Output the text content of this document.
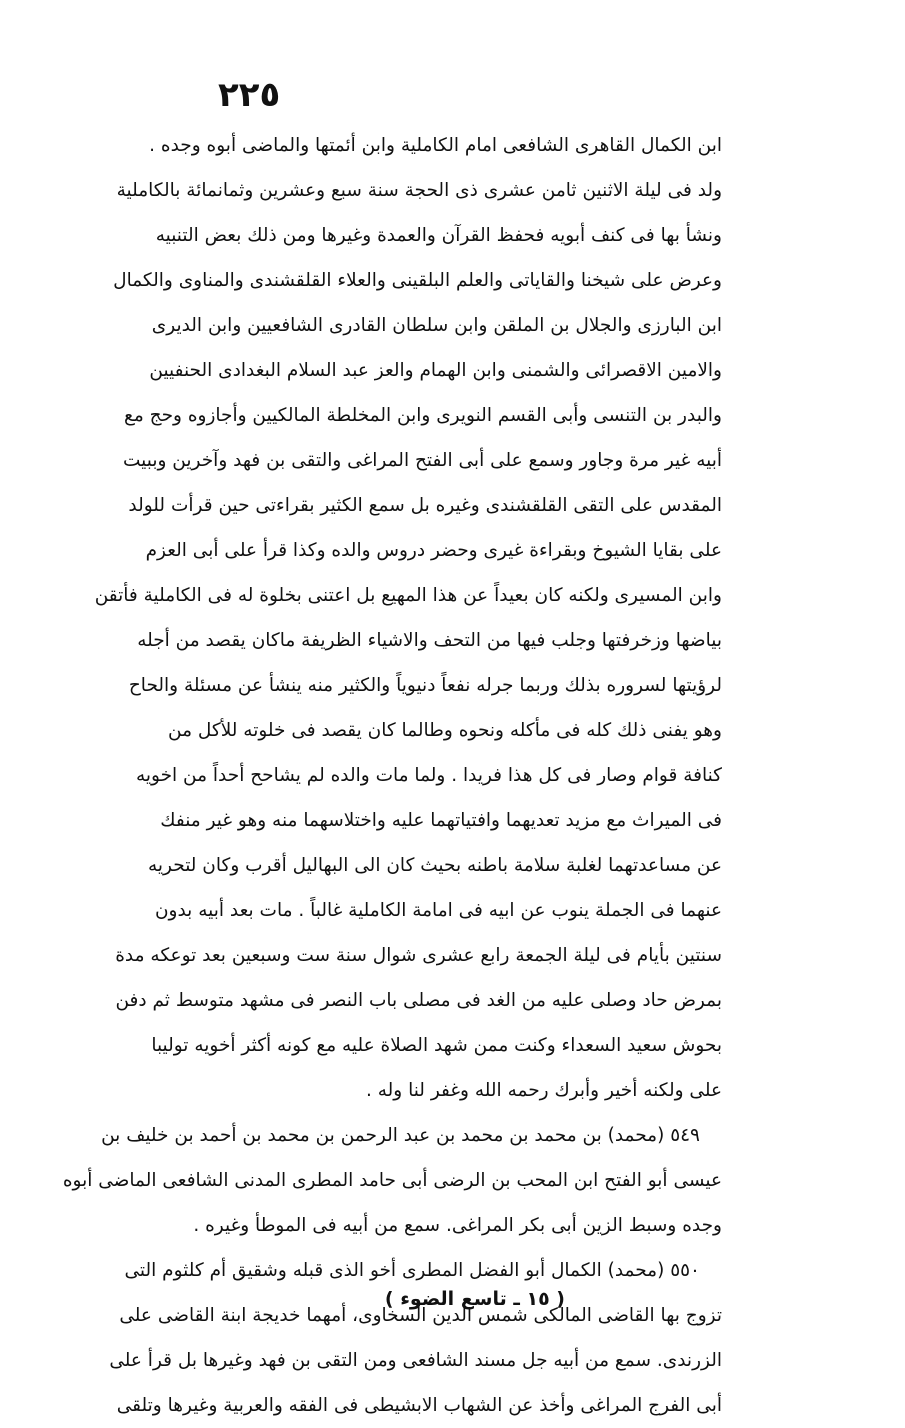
٢٢٥
ابن الكمال القاهرى الشافعى امام الكاملية وابن أئمتها والماضى أبوه وجده .
ولد فى ليلة الاثنين ثامن عشرى ذى الحجة سنة سبع وعشرين وثمانمائة بالكاملية
ونشأ بها فى كنف أبويه فحفظ القرآن والعمدة وغيرها ومن ذلك بعض التنبيه
وعرض على شيخنا والقاياتى والعلم البلقينى والعلاء القلقشندى والمناوى والكمال
ابن البارزى والجلال بن الملقن وابن سلطان القادرى الشافعيين وابن الديرى
والامين الاقصرائى والشمنى وابن الهمام والعز عبد السلام البغدادى الحنفيين
والبدر بن التنسى وأبى القسم النويرى وابن المخلطة المالكيين وأجازوه وحج مع
أبيه غير مرة وجاور وسمع على أبى الفتح المراغى والتقى بن فهد وآخرين وببيت
المقدس على التقى القلقشندى وغيره بل سمع الكثير بقراءتى حين قرأت للولد
على بقايا الشيوخ وبقراءة غيرى وحضر دروس والده وكذا قرأ على أبى العزم
وابن المسيرى ولكنه كان بعيداً عن هذا المهيع بل اعتنى بخلوة له فى الكاملية فأتقن
بياضها وزخرفتها وجلب فيها من التحف والاشياء الظريفة ماكان يقصد من أجله
لرؤيتها لسروره بذلك وربما جرله نفعاً دنيوياً والكثير منه ينشأ عن مسئلة والحاح
وهو يفنى ذلك كله فى مأكله ونحوه وطالما كان يقصد فى خلوته للأكل من
كنافة قوام وصار فى كل هذا فريدا . ولما مات والده لم يشاحح أحداً من اخويه
فى الميراث مع مزيد تعديهما وافتياتهما عليه واختلاسهما منه وهو غير منفك
عن مساعدتهما لغلبة سلامة باطنه بحيث كان الى البهاليل أقرب وكان لتحريه
عنهما فى الجملة ينوب عن ابيه فى امامة الكاملية غالباً . مات بعد أبيه بدون
سنتين بأيام فى ليلة الجمعة رابع عشرى شوال سنة ست وسبعين بعد توعكه مدة
بمرض حاد وصلى عليه من الغد فى مصلى باب النصر فى مشهد متوسط ثم دفن
بحوش سعيد السعداء وكنت ممن شهد الصلاة عليه مع كونه أكثر أخويه توليبا
على ولكنه أخير وأبرك رحمه الله وغفر لنا وله .
٥٤٩ (محمد) بن محمد بن محمد بن عبد الرحمن بن محمد بن أحمد بن خليف بن
عيسى أبو الفتح ابن المحب بن الرضى أبى حامد المطرى المدنى الشافعى الماضى أبوه
وجده وسبط الزين أبى بكر المراغى. سمع من أبيه فى الموطأ وغيره .
٥٥٠ (محمد) الكمال أبو الفضل المطرى أخو الذى قبله وشقيق أم كلثوم التى
تزوج بها القاضى المالكى شمس الدين السخاوى، أمهما خديجة ابنة القاضى على
الزرندى. سمع من أبيه جل مسند الشافعى ومن التقى بن فهد وغيرها بل قرأ على
أبى الفرج المراغى وأخذ عن الشهاب الابشيطى فى الفقه والعربية وغيرها وتلقى
( ١٥ ـ تاسع الضوء )
